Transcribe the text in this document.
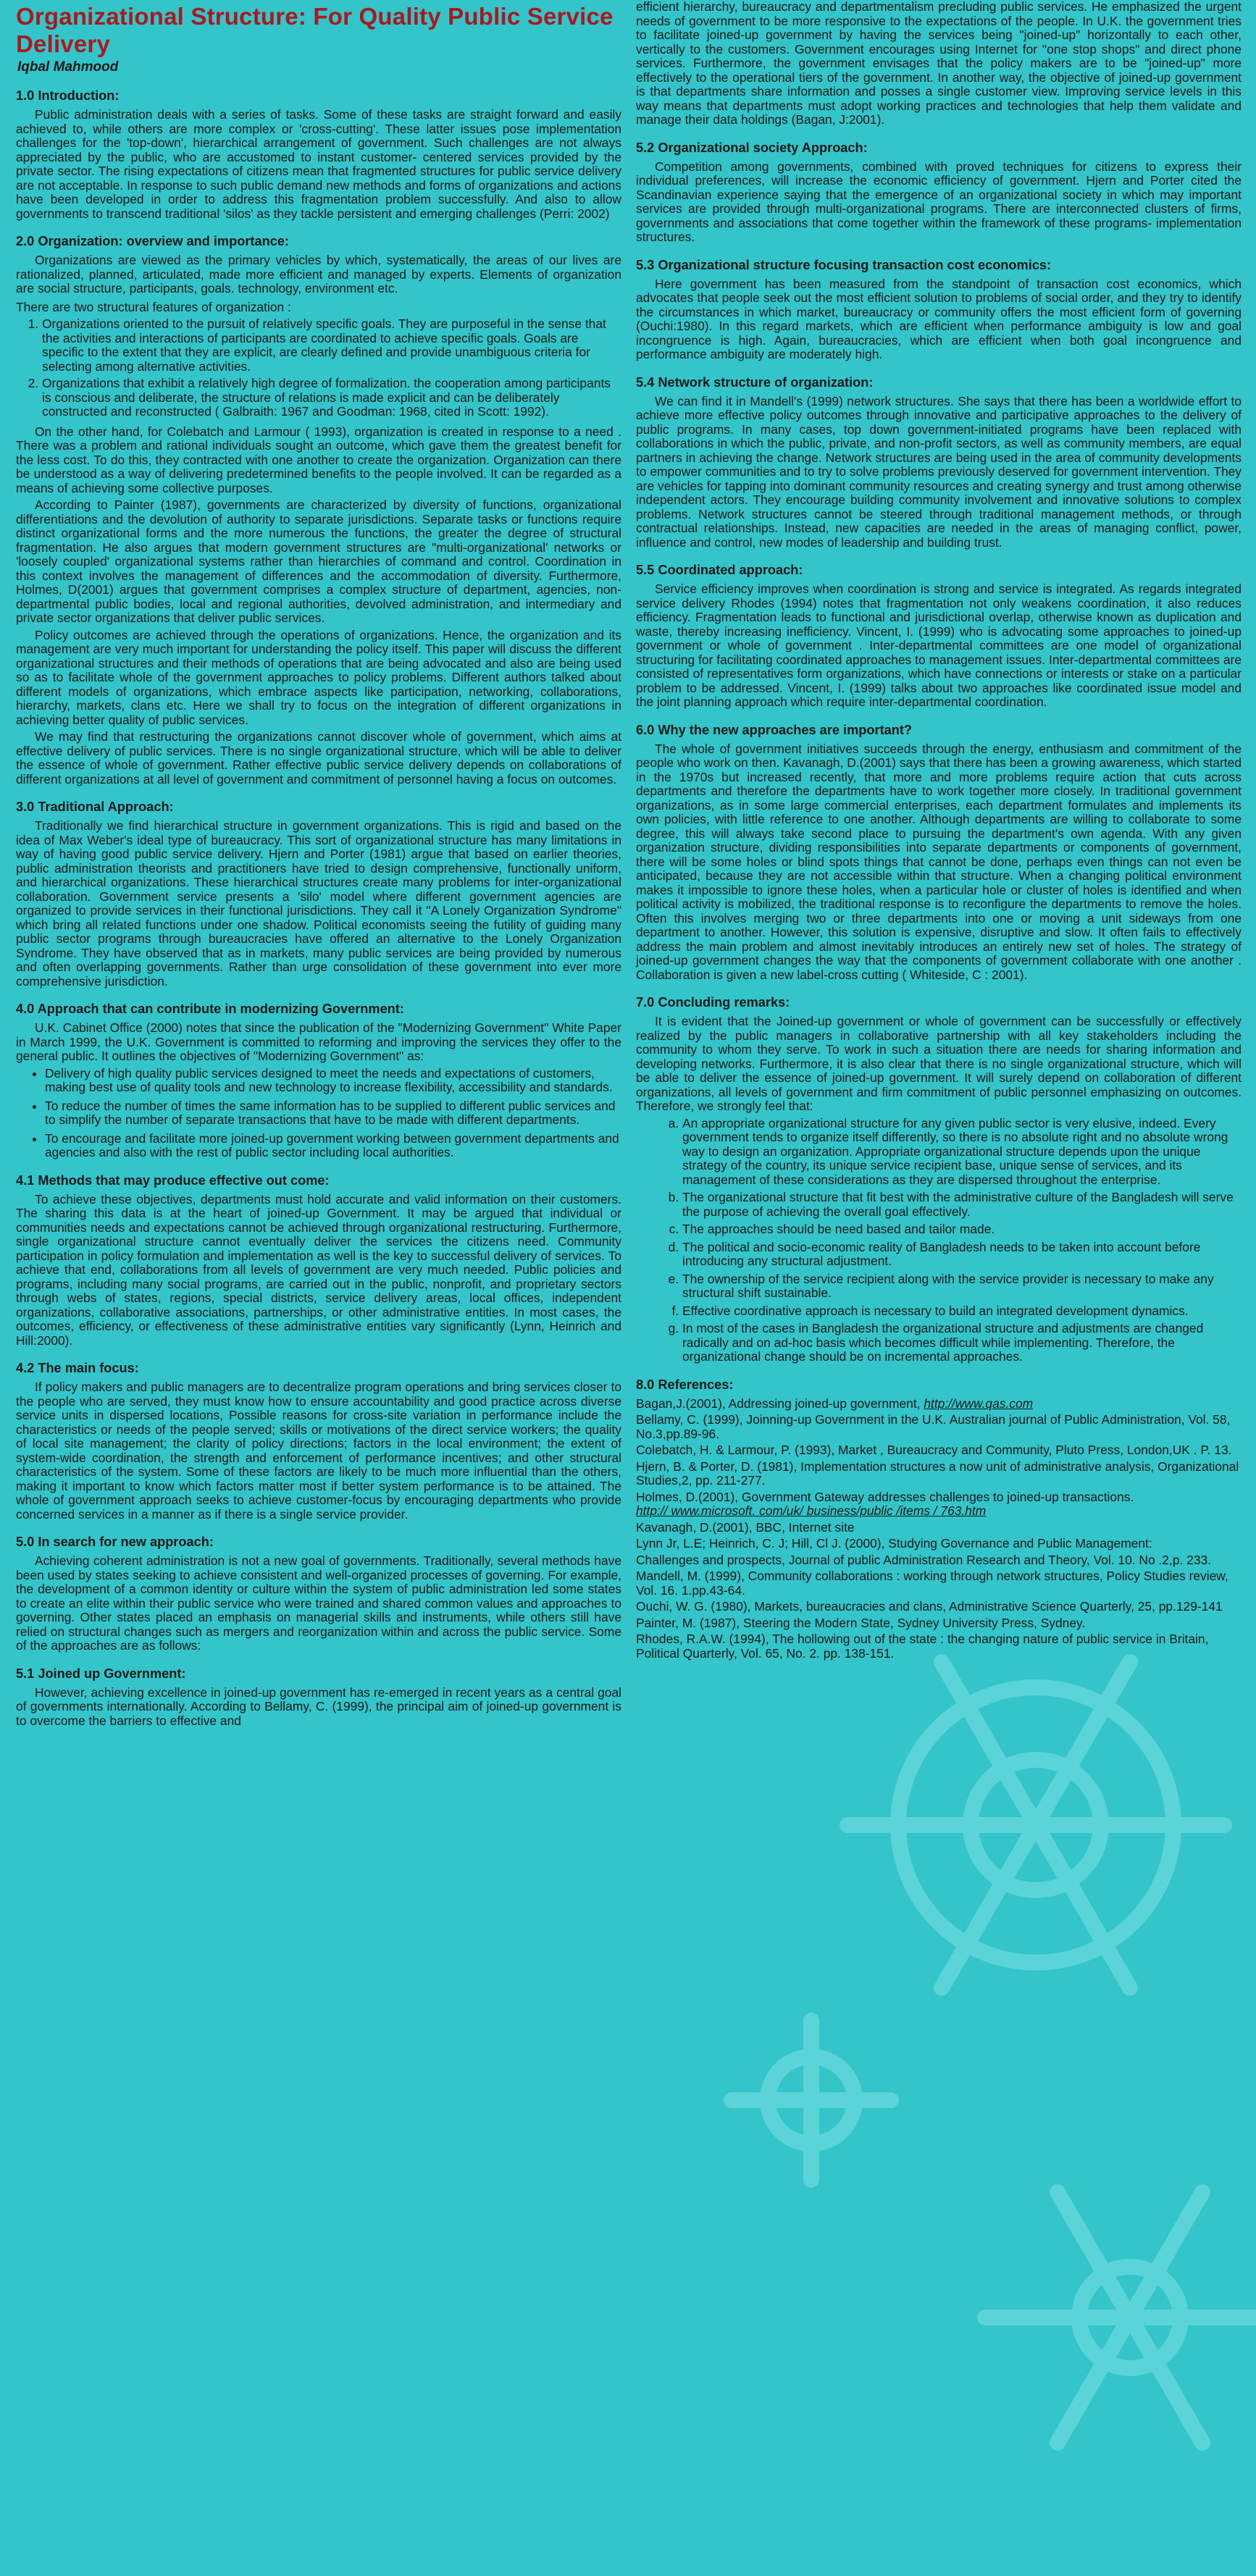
Organizational Structure: For Quality Public Service Delivery
Iqbal Mahmood
1.0 Introduction:

Public administration deals with a series of tasks. Some of these tasks are straight forward and easily achieved to, while others are more complex or 'cross-cutting'. These latter issues pose implementation challenges for the 'top-down', hierarchical arrangement of government. Such challenges are not always appreciated by the public, who are accustomed to instant customer- centered services provided by the private sector. The rising expectations of citizens mean that fragmented structures for public service delivery are not acceptable. In response to such public demand new methods and forms of organizations and actions have been developed in order to address this fragmentation problem successfully. And also to allow governments to transcend traditional 'silos' as they tackle persistent and emerging challenges (Perri: 2002)

2.0 Organization: overview and importance:

Organizations are viewed as the primary vehicles by which, systematically, the areas of our lives are rationalized, planned, articulated, made more efficient and managed by experts. Elements of organization are social structure, participants, goals. technology, environment etc.

There are two structural features of organization :

1. Organizations oriented to the pursuit of relatively specific goals. They are purposeful in the sense that the activities and interactions of participants are coordinated to achieve specific goals. Goals are specific to the extent that they are explicit, are clearly defined and provide unambiguous criteria for selecting among alternative activities.
2. Organizations that exhibit a relatively high degree of formalization. the cooperation among participants is conscious and deliberate, the structure of relations is made explicit and can be deliberately constructed and reconstructed ( Galbraith: 1967 and Goodman: 1968, cited in Scott: 1992).

On the other hand, for Colebatch and Larmour ( 1993), organization is created in response to a need . There was a problem and rational individuals sought an outcome, which gave them the greatest benefit for the less cost. To do this, they contracted with one another to create the organization. Organization can there be understood as a way of delivering predetermined benefits to the people involved. It can be regarded as a means of achieving some collective purposes.

According to Painter (1987), governments are characterized by diversity of functions, organizational differentiations and the devolution of authority to separate jurisdictions. Separate tasks or functions require distinct organizational forms and the more numerous the functions, the greater the degree of structural fragmentation. He also argues that modern government structures are "multi-organizational' networks or 'loosely coupled' organizational systems rather than hierarchies of command and control. Coordination in this context involves the management of differences and the accommodation of diversity. Furthermore, Holmes, D(2001) argues that government comprises a complex structure of department, agencies, non-departmental public bodies, local and regional authorities, devolved administration, and intermediary and private sector organizations that deliver public services.

Policy outcomes are achieved through the operations of organizations. Hence, the organization and its management are very much important for understanding the policy itself. This paper will discuss the different organizational structures and their methods of operations that are being advocated and also are being used so as to facilitate whole of the government approaches to policy problems. Different authors talked about different models of organizations, which embrace aspects like participation, networking, collaborations, hierarchy, markets, clans etc. Here we shall try to focus on the integration of different organizations in achieving better quality of public services.

We may find that restructuring the organizations cannot discover whole of government, which aims at effective delivery of public services. There is no single organizational structure, which will be able to deliver the essence of whole of government. Rather effective public service delivery depends on collaborations of different organizations at all level of government and commitment of personnel having a focus on outcomes.

3.0 Traditional Approach:

Traditionally we find hierarchical structure in government organizations. This is rigid and based on the idea of Max Weber's ideal type of bureaucracy. This sort of organizational structure has many limitations in way of having good public service delivery. Hjern and Porter (1981) argue that based on earlier theories, public administration theorists and practitioners have tried to design comprehensive, functionally uniform, and hierarchical organizations. These hierarchical structures create many problems for inter-organizational collaboration. Government service presents a 'silo' model where different government agencies are organized to provide services in their functional jurisdictions. They call it "A Lonely Organization Syndrome" which bring all related functions under one shadow. Political economists seeing the futility of guiding many public sector programs through bureaucracies have offered an alternative to the Lonely Organization Syndrome. They have observed that as in markets, many public services are being provided by numerous and often overlapping governments. Rather than urge consolidation of these government into ever more comprehensive jurisdiction.

4.0 Approach that can contribute in modernizing Government:

U.K. Cabinet Office (2000) notes that since the publication of the "Modernizing Government" White Paper in March 1999, the U.K. Government is committed to reforming and improving the services they offer to the general public. It outlines the objectives of "Modernizing Government" as:

• Delivery of high quality public services designed to meet the needs and expectations of customers, making best use of quality tools and new technology to increase flexibility, accessibility and standards.
• To reduce the number of times the same information has to be supplied to different public services and to simplify the number of separate transactions that have to be made with different departments.
• To encourage and facilitate more joined-up government working between government departments and agencies and also with the rest of public sector including local authorities.
4.1 Methods that may produce effective out come:

To achieve these objectives, departments must hold accurate and valid information on their customers. The sharing this data is at the heart of joined-up Government. It may be argued that individual or communities needs and expectations cannot be achieved through organizational restructuring. Furthermore, single organizational structure cannot eventually deliver the services the citizens need. Community participation in policy formulation and implementation as well is the key to successful delivery of services. To achieve that end, collaborations from all levels of government are very much needed. Public policies and programs, including many social programs, are carried out in the public, nonprofit, and proprietary sectors through webs of states, regions, special districts, service delivery areas, local offices, independent organizations, collaborative associations, partnerships, or other administrative entities. In most cases, the outcomes, efficiency, or effectiveness of these administrative entities vary significantly (Lynn, Heinrich and Hill:2000).

4.2 The main focus:

If policy makers and public managers are to decentralize program operations and bring services closer to the people who are served, they must know how to ensure accountability and good practice across diverse service units in dispersed locations, Possible reasons for cross-site variation in performance include the characteristics or needs of the people served; skills or motivations of the direct service workers; the quality of local site management; the clarity of policy directions; factors in the local environment; the extent of system-wide coordination, the strength and enforcement of performance incentives; and other structural characteristics of the system. Some of these factors are likely to be much more influential than the others, making it important to know which factors matter most if better system performance is to be attained. The whole of government approach seeks to achieve customer-focus by encouraging departments who provide concerned services in a manner as if there is a single service provider.

5.0 In search for new approach:

Achieving coherent administration is not a new goal of governments. Traditionally, several methods have been used by states seeking to achieve consistent and well-organized processes of governing. For example, the development of a common identity or culture within the system of public administration led some states to create an elite within their public service who were trained and shared common values and approaches to governing. Other states placed an emphasis on managerial skills and instruments, while others still have relied on structural changes such as mergers and reorganization within and across the public service. Some of the approaches are as follows:

5.1 Joined up Government:

However, achieving excellence in joined-up government has re-emerged in recent years as a central goal of governments internationally. According to Bellamy, C. (1999), the principal aim of joined-up government is to overcome the barriers to effective and

efficient hierarchy, bureaucracy and departmentalism precluding public services. He emphasized the urgent needs of government to be more responsive to the expectations of the people. In U.K. the government tries to facilitate joined-up government by having the services being "joined-up" horizontally to each other, vertically to the customers. Government encourages using Internet for "one stop shops" and direct phone services. Furthermore, the government envisages that the policy makers are to be "joined-up" more effectively to the operational tiers of the government. In another way, the objective of joined-up government is that departments share information and posses a single customer view. Improving service levels in this way means that departments must adopt working practices and technologies that help them validate and manage their data holdings (Bagan, J:2001).

5.2 Organizational society Approach:

Competition among governments, combined with proved techniques for citizens to express their individual preferences, will increase the economic efficiency of government. Hjern and Porter cited the Scandinavian experience saying that the emergence of an organizational society in which may important services are provided through multi-organizational programs. There are interconnected clusters of firms, governments and associations that come together within the framework of these programs- implementation structures.

5.3 Organizational structure focusing transaction cost economics:

Here government has been measured from the standpoint of transaction cost economics, which advocates that people seek out the most efficient solution to problems of social order, and they try to identify the circumstances in which market, bureaucracy or community offers the most efficient form of governing (Ouchi:1980). In this regard markets, which are efficient when performance ambiguity is low and goal incongruence is high. Again, bureaucracies, which are efficient when both goal incongruence and performance ambiguity are moderately high.

5.4 Network structure of organization:

We can find it in Mandell's (1999) network structures. She says that there has been a worldwide effort to achieve more effective policy outcomes through innovative and participative approaches to the delivery of public programs. In many cases, top down government-initiated programs have been replaced with collaborations in which the public, private, and non-profit sectors, as well as community members, are equal partners in achieving the change. Network structures are being used in the area of community developments to empower communities and to try to solve problems previously deserved for government intervention. They are vehicles for tapping into dominant community resources and creating synergy and trust among otherwise independent actors. They encourage building community involvement and innovative solutions to complex problems. Network structures cannot be steered through traditional management methods, or through contractual relationships. Instead, new capacities are needed in the areas of managing conflict, power, influence and control, new modes of leadership and building trust.

5.5 Coordinated approach:

Service efficiency improves when coordination is strong and service is integrated. As regards integrated service delivery Rhodes (1994) notes that fragmentation not only weakens coordination, it also reduces efficiency. Fragmentation leads to functional and jurisdictional overlap, otherwise known as duplication and waste, thereby increasing inefficiency. Vincent, I. (1999) who is advocating some approaches to joined-up government or whole of government . Inter-departmental committees are one model of organizational structuring for facilitating coordinated approaches to management issues. Inter-departmental committees are consisted of representatives form organizations, which have connections or interests or stake on a particular problem to be addressed. Vincent, I. (1999) talks about two approaches like coordinated issue model and the joint planning approach which require inter-departmental coordination.

6.0 Why the new approaches are important?

The whole of government initiatives succeeds through the energy, enthusiasm and commitment of the people who work on then. Kavanagh, D.(2001) says that there has been a growing awareness, which started in the 1970s but increased recently, that more and more problems require action that cuts across departments and therefore the departments have to work together more closely. In traditional government organizations, as in some large commercial enterprises, each department formulates and implements its own policies, with little reference to one another. Although departments are willing to collaborate to some degree, this will always take second place to pursuing the department's own agenda. With any given organization structure, dividing responsibilities into separate departments or components of government, there will be some holes or blind spots things that cannot be done, perhaps even things can not even be anticipated, because they are not accessible within that structure. When a changing political environment makes it impossible to ignore these holes, when a particular hole or cluster of holes is identified and when political activity is mobilized, the traditional response is to reconfigure the departments to remove the holes. Often this involves merging two or three departments into one or moving a unit sideways from one department to another. However, this solution is expensive, disruptive and slow. It often fails to effectively address the main problem and almost inevitably introduces an entirely new set of holes. The strategy of joined-up government changes the way that the components of government collaborate with one another . Collaboration is given a new label-cross cutting ( Whiteside, C : 2001).

7.0 Concluding remarks:

It is evident that the Joined-up government or whole of government can be successfully or effectively realized by the public managers in collaborative partnership with all key stakeholders including the community to whom they serve. To work in such a situation there are needs for sharing information and developing networks. Furthermore, it is also clear that there is no single organizational structure, which will be able to deliver the essence of joined-up government. It will surely depend on collaboration of different organizations, all levels of government and firm commitment of public personnel emphasizing on outcomes. Therefore, we strongly feel that:

a. An appropriate organizational structure for any given public sector is very elusive, indeed. Every government tends to organize itself differently, so there is no absolute right and no absolute wrong way to design an organization. Appropriate organizational structure depends upon the unique strategy of the country, its unique service recipient base, unique sense of services, and its management of these considerations as they are dispersed throughout the enterprise.
b. The organizational structure that fit best with the administrative culture of the Bangladesh will serve the purpose of achieving the overall goal effectively.
c. The approaches should be need based and tailor made.
d. The political and socio-economic reality of Bangladesh needs to be taken into account before introducing any structural adjustment.
e. The ownership of the service recipient along with the service provider is necessary to make any structural shift sustainable.
f. Effective coordinative approach is necessary to build an integrated development dynamics.
g. In most of the cases in Bangladesh the organizational structure and adjustments are changed radically and on ad-hoc basis which becomes difficult while implementing. Therefore, the organizational change should be on incremental approaches.
8.0 References:
Bagan,J.(2001), Addressing joined-up government, http://www.qas.com
Bellamy, C. (1999), Joinning-up Government in the U.K. Australian journal of Public Administration, Vol. 58, No.3,pp.89-96.
Colebatch, H. & Larmour, P. (1993), Market , Bureaucracy and Community, Pluto Press, London,UK . P. 13.
Hjern, B. & Porter, D. (1981), Implementation structures a now unit of administrative analysis, Organizational Studies,2, pp. 211-277.
Holmes, D.(2001), Government Gateway addresses challenges to joined-up transactions.
http:// www.microsoft. com/uk/ business/public /items / 763.htm
Kavanagh, D.(2001), BBC, Internet site
Lynn Jr, L.E; Heinrich, C. J; Hill, Cl J. (2000), Studying Governance and Public Management:
Challenges and prospects, Journal of public Administration Research and Theory, Vol. 10. No .2,p. 233.
Mandell, M. (1999), Community collaborations : working through network structures, Policy Studies review, Vol. 16. 1.pp.43-64.
Ouchi, W. G. (1980), Markets, bureaucracies and clans, Administrative Science Quarterly, 25, pp.129-141
Painter, M. (1987), Steering the Modern State, Sydney University Press, Sydney.
Rhodes, R.A.W. (1994), The hollowing out of the state : the changing nature of public service in Britain, Political Quarterly, Vol. 65, No. 2. pp. 138-151.
